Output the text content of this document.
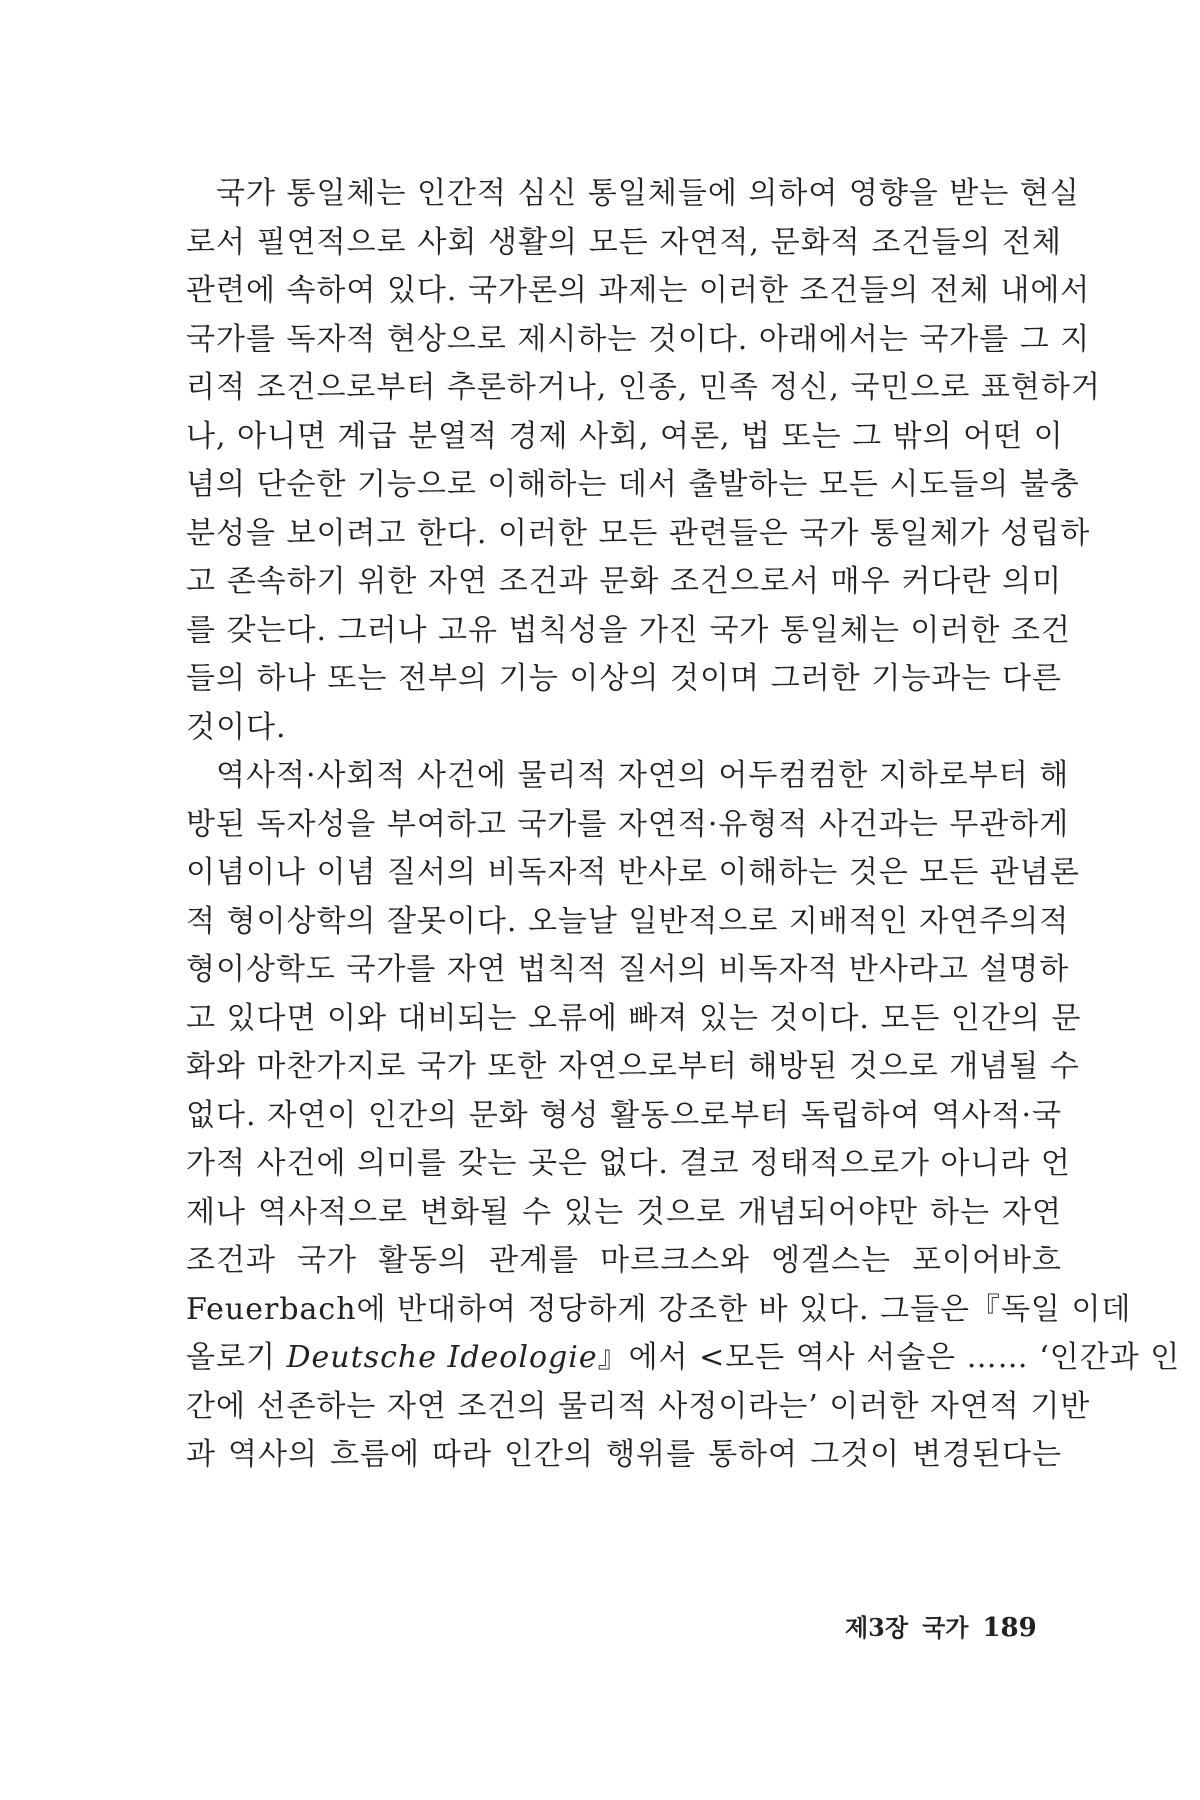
국가 통일체는 인간적 심신 통일체들에 의하여 영향을 받는 현실
로서 필연적으로 사회 생활의 모든 자연적, 문화적 조건들의 전체
관련에 속하여 있다. 국가론의 과제는 이러한 조건들의 전체 내에서
국가를 독자적 현상으로 제시하는 것이다. 아래에서는 국가를 그 지
리적 조건으로부터 추론하거나, 인종, 민족 정신, 국민으로 표현하거
나, 아니면 계급 분열적 경제 사회, 여론, 법 또는 그 밖의 어떤 이
념의 단순한 기능으로 이해하는 데서 출발하는 모든 시도들의 불충
분성을 보이려고 한다. 이러한 모든 관련들은 국가 통일체가 성립하
고 존속하기 위한 자연 조건과 문화 조건으로서 매우 커다란 의미
를 갖는다. 그러나 고유 법칙성을 가진 국가 통일체는 이러한 조건
들의 하나 또는 전부의 기능 이상의 것이며 그러한 기능과는 다른
것이다.
역사적·사회적 사건에 물리적 자연의 어두컴컴한 지하로부터 해
방된 독자성을 부여하고 국가를 자연적·유형적 사건과는 무관하게
이념이나 이념 질서의 비독자적 반사로 이해하는 것은 모든 관념론
적 형이상학의 잘못이다. 오늘날 일반적으로 지배적인 자연주의적
형이상학도 국가를 자연 법칙적 질서의 비독자적 반사라고 설명하
고 있다면 이와 대비되는 오류에 빠져 있는 것이다. 모든 인간의 문
화와 마찬가지로 국가 또한 자연으로부터 해방된 것으로 개념될 수
없다. 자연이 인간의 문화 형성 활동으로부터 독립하여 역사적·국
가적 사건에 의미를 갖는 곳은 없다. 결코 정태적으로가 아니라 언
제나 역사적으로 변화될 수 있는 것으로 개념되어야만 하는 자연
조건과 국가 활동의 관계를 마르크스와 엥겔스는 포이어바흐
Feuerbach에 반대하여 정당하게 강조한 바 있다. 그들은『독일 이데
올로기 Deutsche Ideologie』에서 <모든 역사 서술은 …… ‘인간과 인
간에 선존하는 자연 조건의 물리적 사정이라는’ 이러한 자연적 기반
과 역사의 흐름에 따라 인간의 행위를 통하여 그것이 변경된다는
제3장 국가 189
